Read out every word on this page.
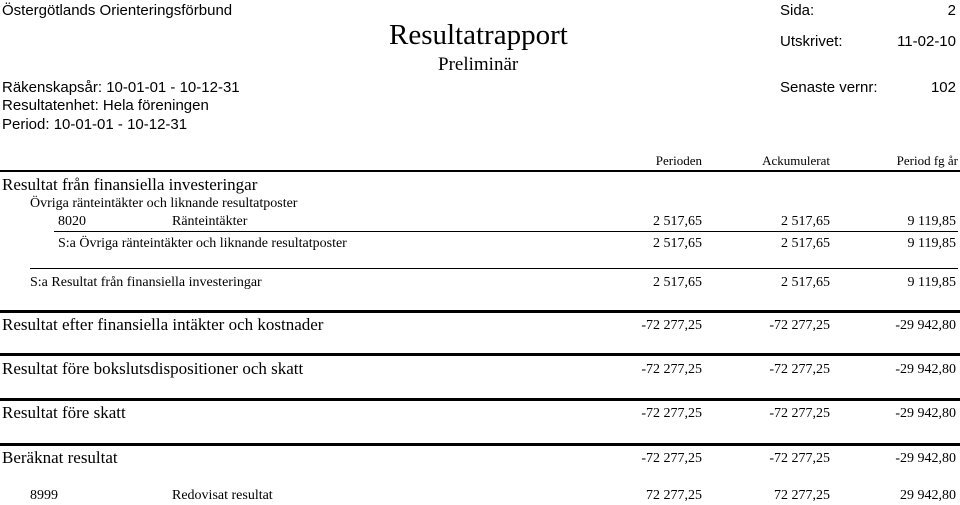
Östergötlands Orienteringsförbund
Resultatrapport
Preliminär
Sida:	2
Utskrivet:	11-02-10
Räkenskapsår: 10-01-01 - 10-12-31
Resultatenhet: Hela föreningen
Period: 10-01-01 - 10-12-31
Senaste vernr:	102
Perioden	Ackumulerat	Period fg år
Resultat från finansiella investeringar
Övriga ränteintäkter och liknande resultatposter
8020	Ränteintäkter	2 517,65	2 517,65	9 119,85
S:a Övriga ränteintäkter och liknande resultatposter	2 517,65	2 517,65	9 119,85
S:a Resultat från finansiella investeringar	2 517,65	2 517,65	9 119,85
Resultat efter finansiella intäkter och kostnader	-72 277,25	-72 277,25	-29 942,80
Resultat före bokslutsdispositioner och skatt	-72 277,25	-72 277,25	-29 942,80
Resultat före skatt	-72 277,25	-72 277,25	-29 942,80
Beräknat resultat	-72 277,25	-72 277,25	-29 942,80
8999	Redovisat resultat	72 277,25	72 277,25	29 942,80
